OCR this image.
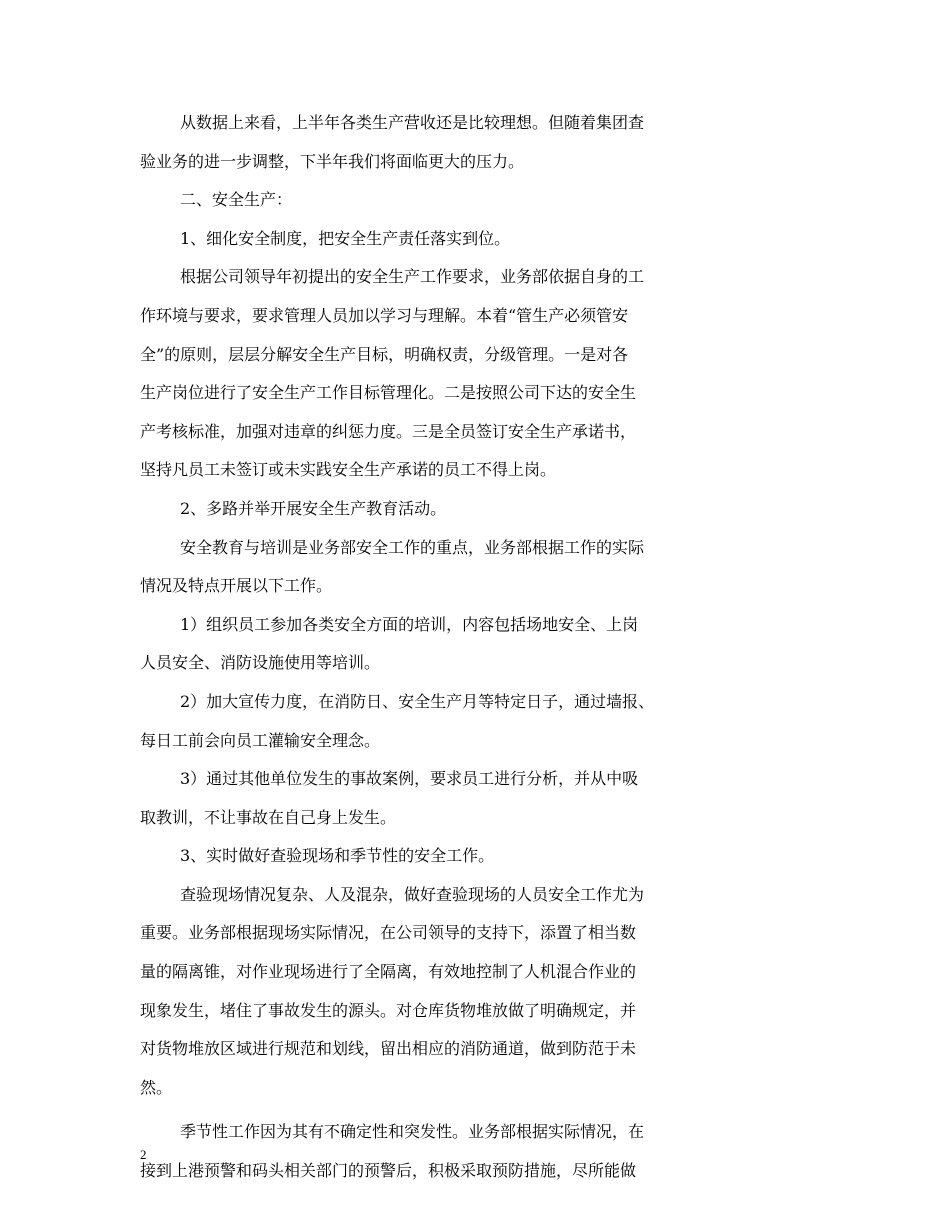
从数据上来看，上半年各类生产营收还是比较理想。但随着集团查
验业务的进一步调整，下半年我们将面临更大的压力。
二、安全生产：
1、细化安全制度，把安全生产责任落实到位。
根据公司领导年初提出的安全生产工作要求，业务部依据自身的工
作环境与要求，要求管理人员加以学习与理解。本着“管生产必须管安
全”的原则，层层分解安全生产目标，明确权责，分级管理。一是对各
生产岗位进行了安全生产工作目标管理化。二是按照公司下达的安全生
产考核标准，加强对违章的纠惩力度。三是全员签订安全生产承诺书，
坚持凡员工未签订或未实践安全生产承诺的员工不得上岗。
2、多路并举开展安全生产教育活动。
安全教育与培训是业务部安全工作的重点，业务部根据工作的实际
情况及特点开展以下工作。
1）组织员工参加各类安全方面的培训，内容包括场地安全、上岗
人员安全、消防设施使用等培训。
2）加大宣传力度，在消防日、安全生产月等特定日子，通过墙报、
每日工前会向员工灌输安全理念。
3）通过其他单位发生的事故案例，要求员工进行分析，并从中吸
取教训，不让事故在自己身上发生。
3、实时做好查验现场和季节性的安全工作。
查验现场情况复杂、人及混杂，做好查验现场的人员安全工作尤为
重要。业务部根据现场实际情况，在公司领导的支持下，添置了相当数
量的隔离锥，对作业现场进行了全隔离，有效地控制了人机混合作业的
现象发生，堵住了事故发生的源头。对仓库货物堆放做了明确规定，并
对货物堆放区域进行规范和划线，留出相应的消防通道，做到防范于未
然。
季节性工作因为其有不确定性和突发性。业务部根据实际情况，在
接到上港预警和码头相关部门的预警后，积极采取预防措施，尽所能做
2
